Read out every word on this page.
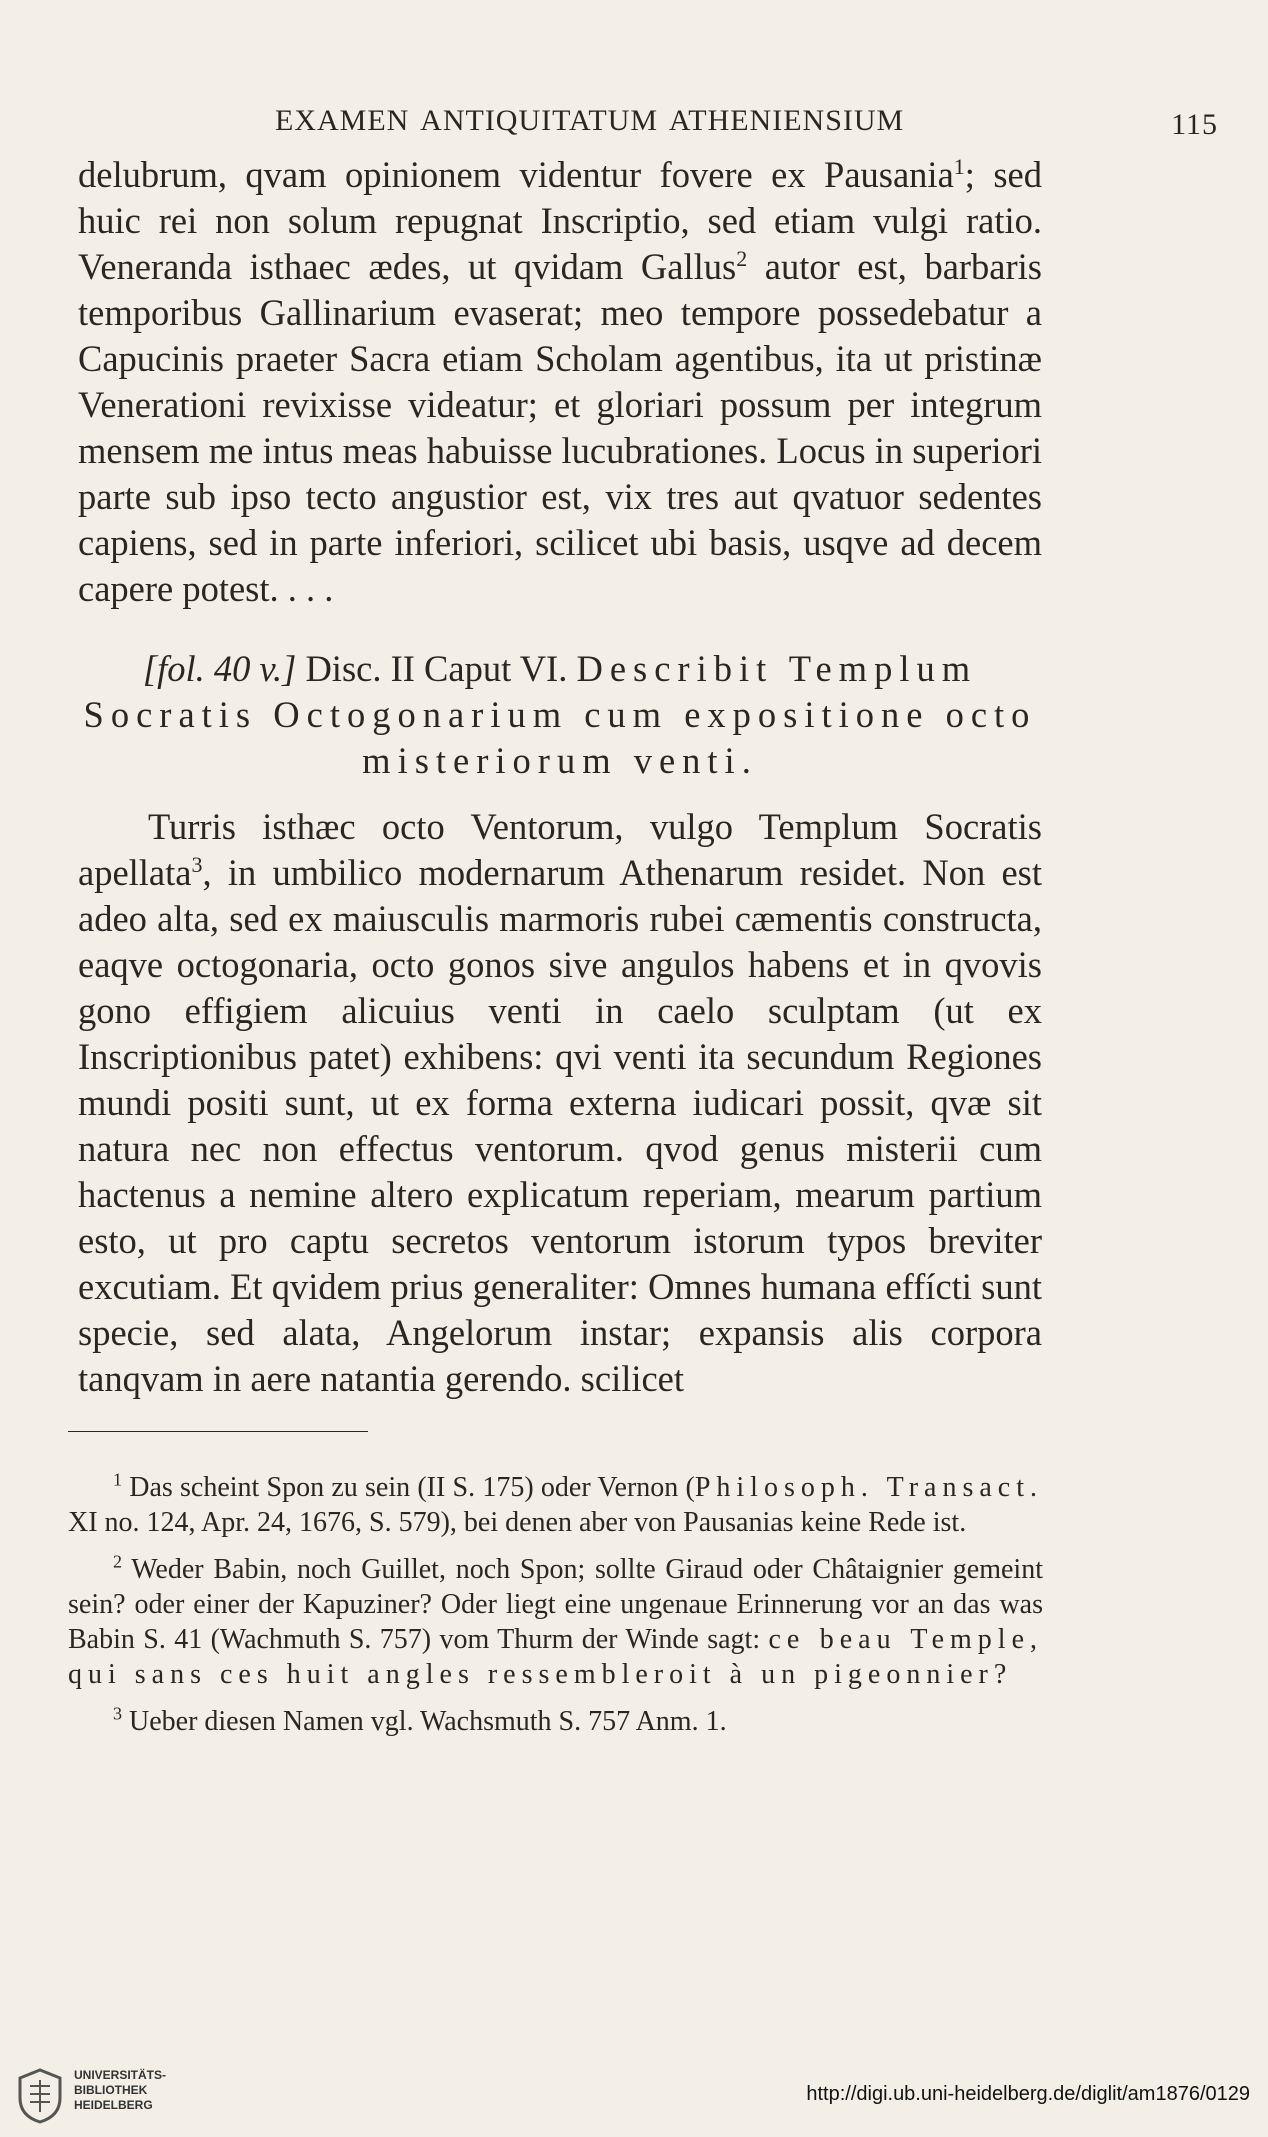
EXAMEN ANTIQUITATUM ATHENIENSIUM	115

delubrum, qvam opinionem videntur fovere ex Pausania$^1$; sed huic rei non solum repugnat Inscriptio, sed etiam vulgi ratio. Veneranda isthaec ædes, ut qvidam Gallus$^2$ autor est, barbaris temporibus Gallinarium evaserat; meo tempore possedebatur a Capucinis praeter Sacra etiam Scholam agentibus, ita ut pristinæ Venerationi revixisse videatur; et gloriari possum per integrum mensem me intus meas habuisse lucubrationes. Locus in superiori parte sub ipso tecto angustior est, vix tres aut qvatuor sedentes capiens, sed in parte inferiori, scilicet ubi basis, usqve ad decem capere potest. . . .

[fol. 40 v.] Disc. II Caput VI. Describit Templum Socratis Octogonarium cum expositione octo
misteriorum venti.

Turris isthæc octo Ventorum, vulgo Templum Socratis apellata$^3$, in umbilico modernarum Athenarum residet. Non est adeo alta, sed ex maiusculis marmoris rubei cæmentis constructa, eaqve octogonaria, octo gonos sive angulos habens et in qvovis gono effigiem alicuius venti in caelo sculptam (ut ex Inscriptionibus patet) exhibens: qvi venti ita secundum Regiones mundi positi sunt, ut ex forma externa iudicari possit, qvæ sit natura nec non effectus ventorum. qvod genus misterii cum hactenus a nemine altero explicatum reperiam, mearum partium esto, ut pro captu secretos ventorum istorum typos breviter excutiam. Et qvidem prius generaliter: Omnes humana effícti sunt specie, sed alata, Angelorum instar; expansis alis corpora tanqvam in aere natantia gerendo. scilicet

$^1$ Das scheint Spon zu sein (II S. 175) oder Vernon (Philosoph. Transact. XI no. 124, Apr. 24, 1676, S. 579), bei denen aber von Pausanias keine Rede ist.

$^2$ Weder Babin, noch Guillet, noch Spon; sollte Giraud oder Châtaignier gemeint sein? oder einer der Kapuziner? Oder liegt eine ungenaue Erinnerung vor an das was Babin S. 41 (Wachmuth S. 757) vom Thurm der Winde sagt: ce beau Temple, qui sans ces huit angles ressembleroit à un pigeonnier?

$^3$ Ueber diesen Namen vgl. Wachsmuth S. 757 Anm. 1.

UNIVERSITÄTS-
BIBLIOTHEK
HEIDELBERG	http://digi.ub.uni-heidelberg.de/diglit/am1876/0129
